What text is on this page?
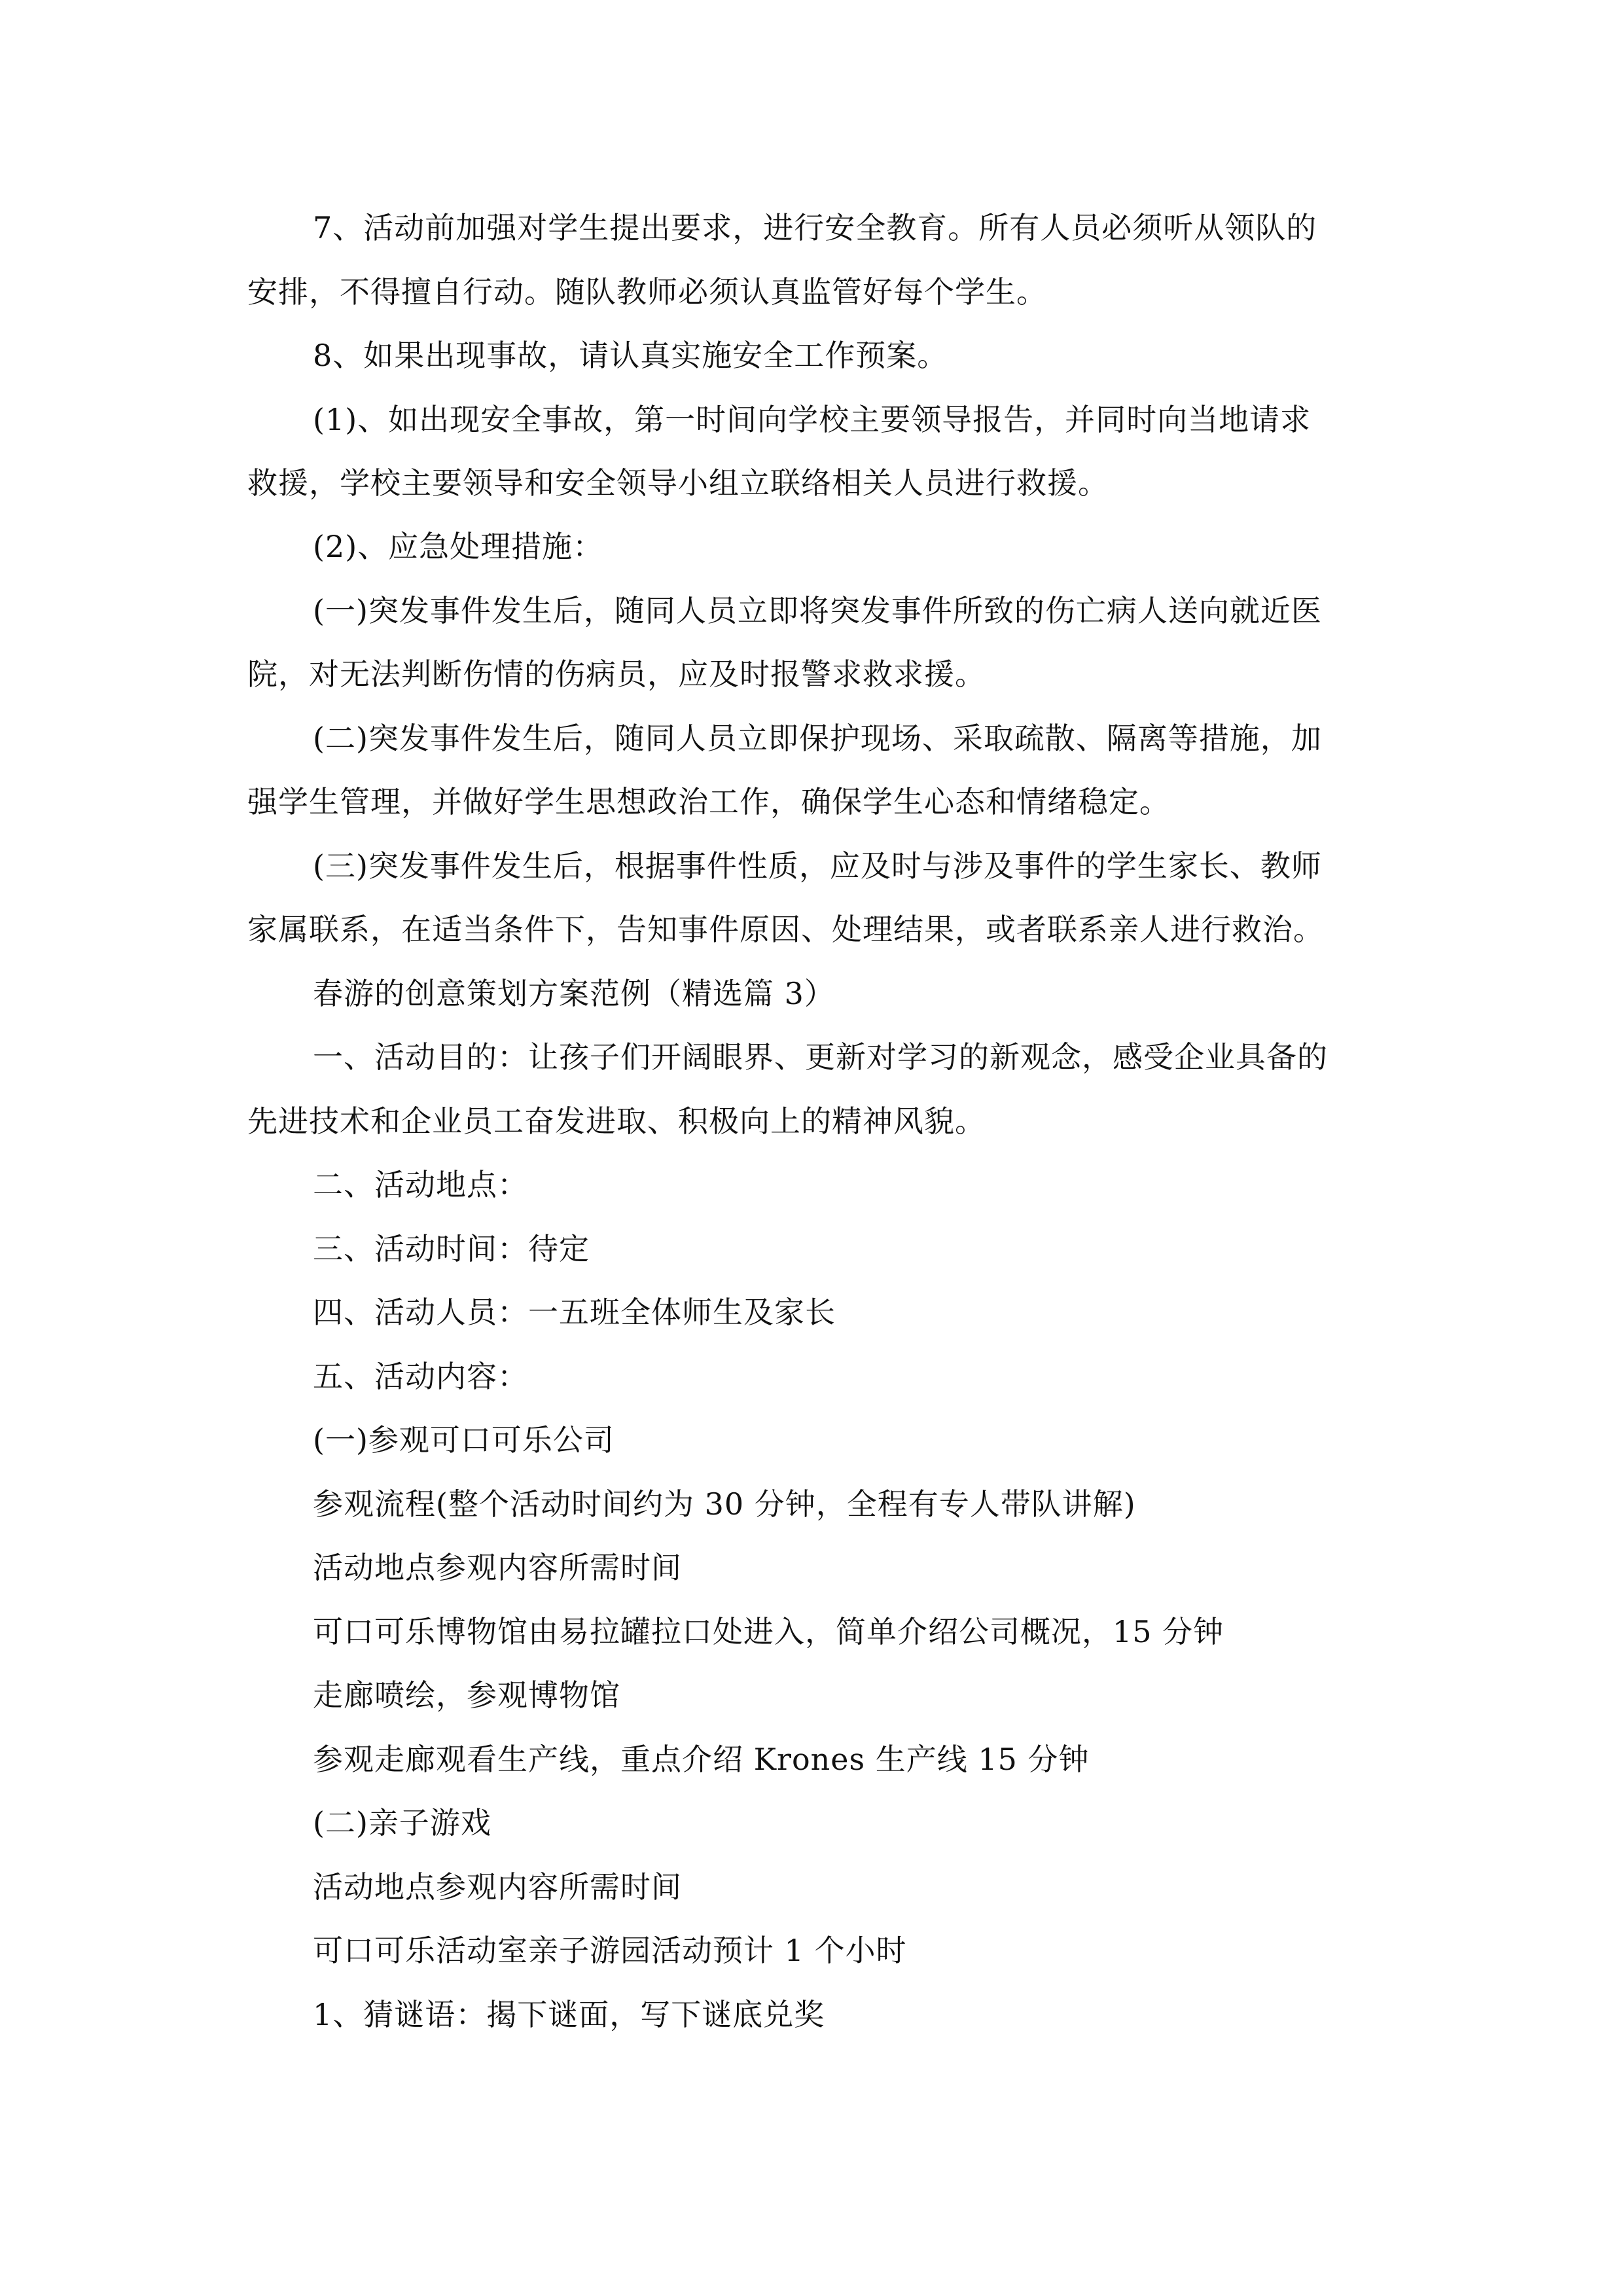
7、活动前加强对学生提出要求，进行安全教育。所有人员必须听从领队的
安排，不得擅自行动。随队教师必须认真监管好每个学生。
8、如果出现事故，请认真实施安全工作预案。
(1)、如出现安全事故，第一时间向学校主要领导报告，并同时向当地请求
救援，学校主要领导和安全领导小组立联络相关人员进行救援。
(2)、应急处理措施：
(一)突发事件发生后，随同人员立即将突发事件所致的伤亡病人送向就近医
院，对无法判断伤情的伤病员，应及时报警求救求援。
(二)突发事件发生后，随同人员立即保护现场、采取疏散、隔离等措施，加
强学生管理，并做好学生思想政治工作，确保学生心态和情绪稳定。
(三)突发事件发生后，根据事件性质，应及时与涉及事件的学生家长、教师
家属联系，在适当条件下，告知事件原因、处理结果，或者联系亲人进行救治。
春游的创意策划方案范例（精选篇 3）
一、活动目的：让孩子们开阔眼界、更新对学习的新观念，感受企业具备的
先进技术和企业员工奋发进取、积极向上的精神风貌。
二、活动地点：
三、活动时间：待定
四、活动人员：一五班全体师生及家长
五、活动内容：
(一)参观可口可乐公司
参观流程(整个活动时间约为 30 分钟，全程有专人带队讲解)
活动地点参观内容所需时间
可口可乐博物馆由易拉罐拉口处进入，简单介绍公司概况，15 分钟
走廊喷绘，参观博物馆
参观走廊观看生产线，重点介绍 Krones 生产线 15 分钟
(二)亲子游戏
活动地点参观内容所需时间
可口可乐活动室亲子游园活动预计 1 个小时
1、猜谜语：揭下谜面，写下谜底兑奖
